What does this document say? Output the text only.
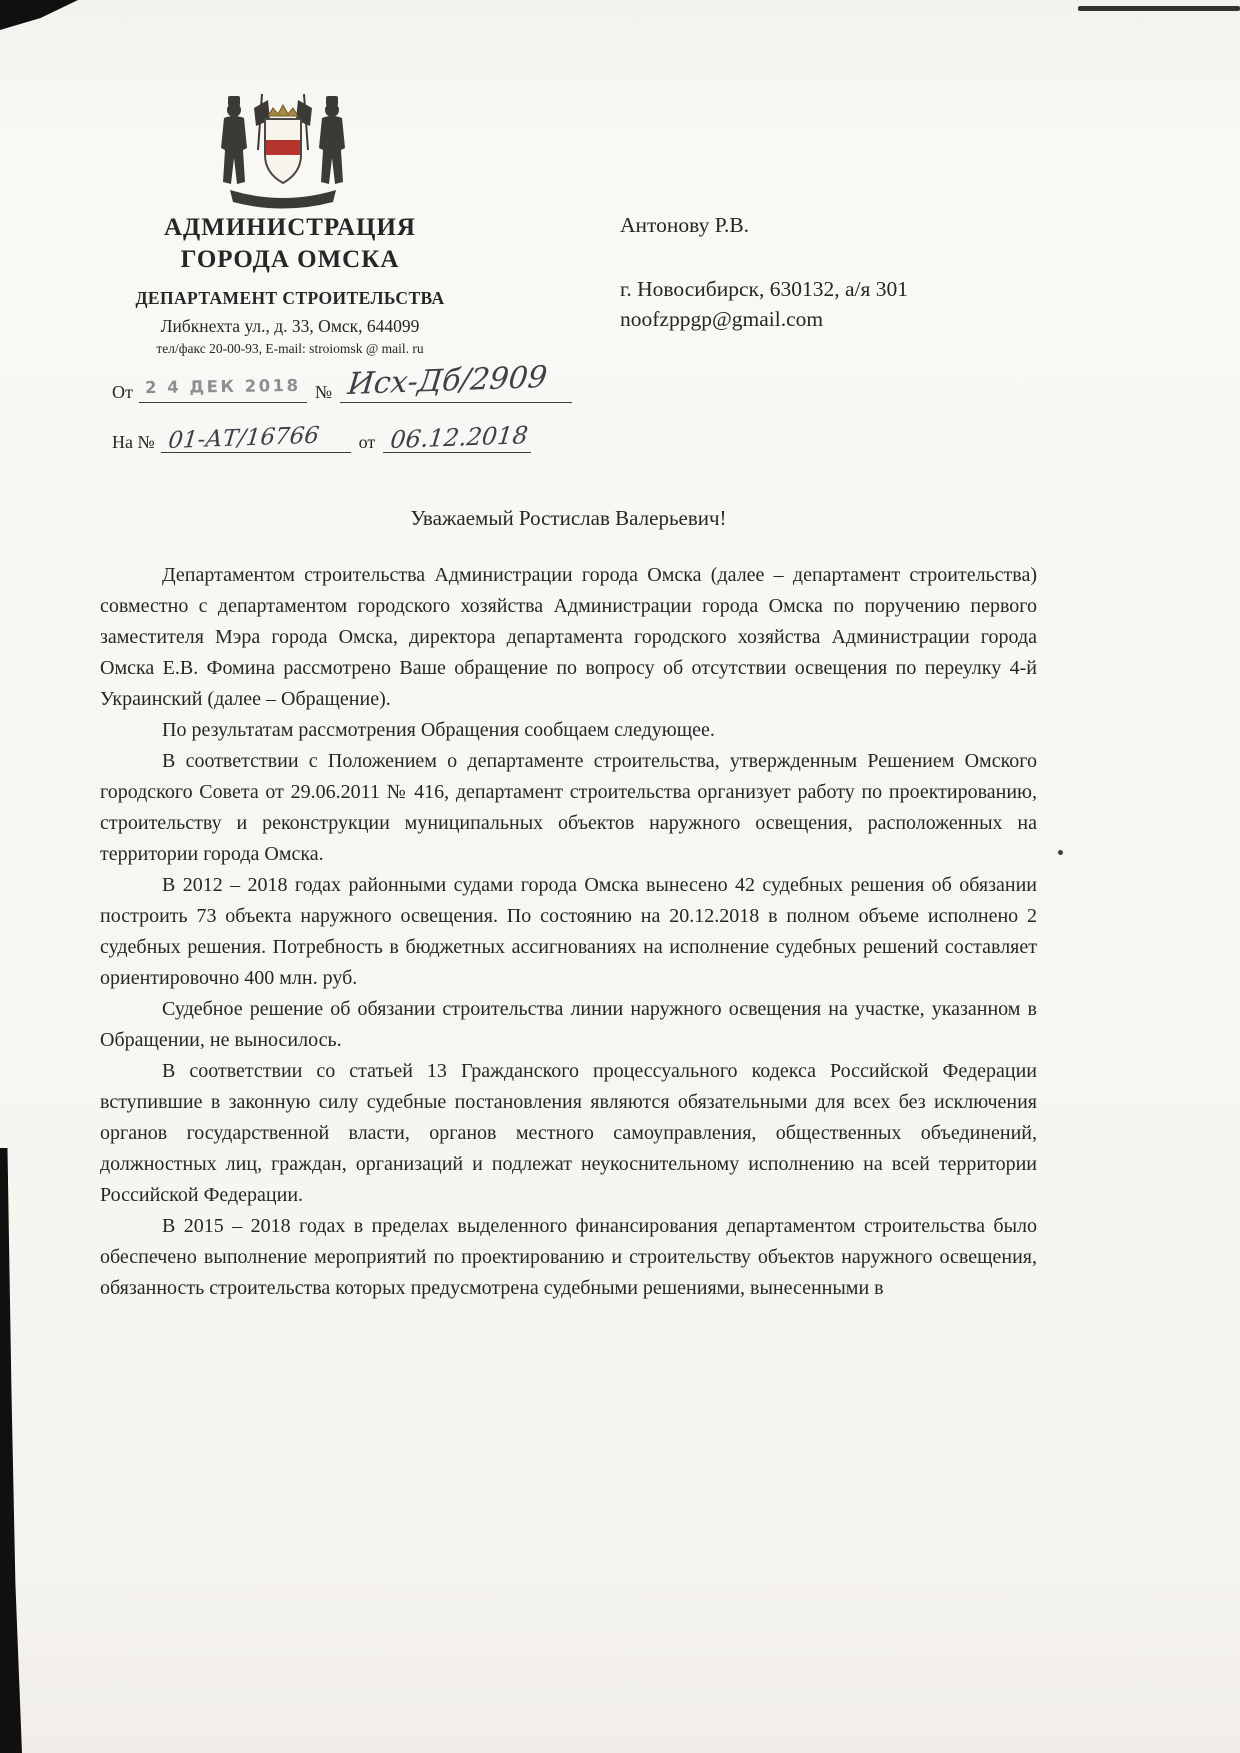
АДМИНИСТРАЦИЯ
ГОРОДА ОМСКА
ДЕПАРТАМЕНТ СТРОИТЕЛЬСТВА
Либкнехта ул., д. 33, Омск, 644099
тел/факс 20-00-93, E-mail: stroiomsk @ mail. ru
От 2 4 ДЕК 2018 № Исх-Дб/2909
На № 01-АТ/16766 от 06.12.2018
Антонову Р.В.
г. Новосибирск, 630132, а/я 301
noofzppgp@gmail.com
Уважаемый Ростислав Валерьевич!

Департаментом строительства Администрации города Омска (далее – департамент строительства) совместно с департаментом городского хозяйства Администрации города Омска по поручению первого заместителя Мэра города Омска, директора департамента городского хозяйства Администрации города Омска Е.В. Фомина рассмотрено Ваше обращение по вопросу об отсутствии освещения по переулку 4-й Украинский (далее – Обращение).

По результатам рассмотрения Обращения сообщаем следующее.

В соответствии с Положением о департаменте строительства, утвержденным Решением Омского городского Совета от 29.06.2011 № 416, департамент строительства организует работу по проектированию, строительству и реконструкции муниципальных объектов наружного освещения, расположенных на территории города Омска.

В 2012 – 2018 годах районными судами города Омска вынесено 42 судебных решения об обязании построить 73 объекта наружного освещения. По состоянию на 20.12.2018 в полном объеме исполнено 2 судебных решения. Потребность в бюджетных ассигнованиях на исполнение судебных решений составляет ориентировочно 400 млн. руб.

Судебное решение об обязании строительства линии наружного освещения на участке, указанном в Обращении, не выносилось.

В соответствии со статьей 13 Гражданского процессуального кодекса Российской Федерации вступившие в законную силу судебные постановления являются обязательными для всех без исключения органов государственной власти, органов местного самоуправления, общественных объединений, должностных лиц, граждан, организаций и подлежат неукоснительному исполнению на всей территории Российской Федерации.

В 2015 – 2018 годах в пределах выделенного финансирования департаментом строительства было обеспечено выполнение мероприятий по проектированию и строительству объектов наружного освещения, обязанность строительства которых предусмотрена судебными решениями, вынесенными в
